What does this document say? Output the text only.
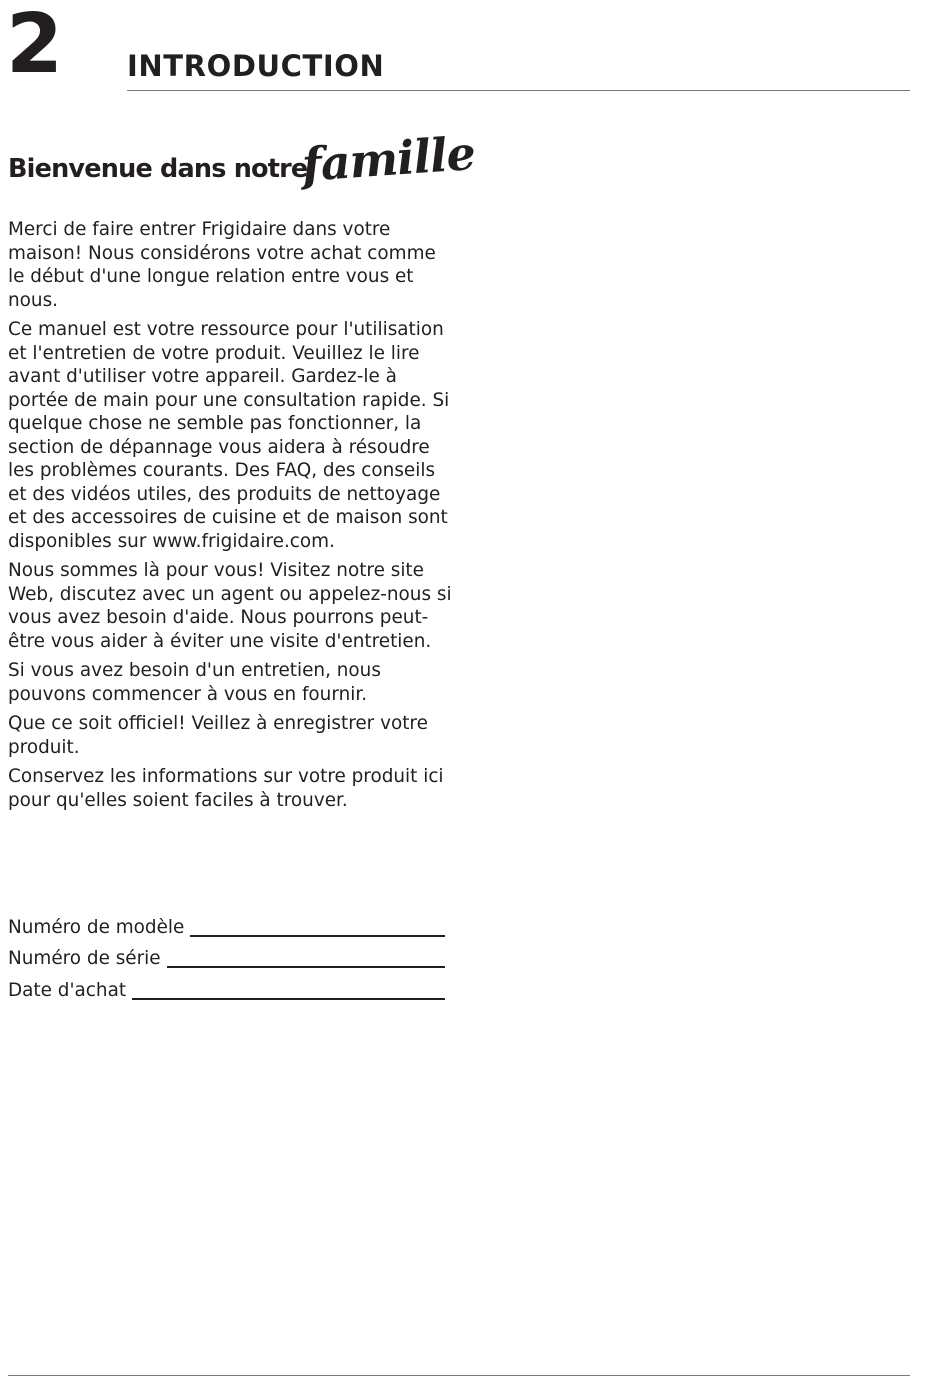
2 INTRODUCTION
Bienvenue dans notre
famille

Merci de faire entrer Frigidaire dans votre maison! Nous considérons votre achat comme le début d'une longue relation entre vous et nous.

Ce manuel est votre ressource pour l'utilisation et l'entretien de votre produit. Veuillez le lire avant d'utiliser votre appareil. Gardez-le à portée de main pour une consultation rapide. Si quelque chose ne semble pas fonctionner, la section de dépannage vous aidera à résoudre les problèmes courants. Des FAQ, des conseils et des vidéos utiles, des produits de nettoyage et des accessoires de cuisine et de maison sont disponibles sur www.frigidaire.com.

Nous sommes là pour vous! Visitez notre site Web, discutez avec un agent ou appelez-nous si vous avez besoin d'aide. Nous pourrons peut-être vous aider à éviter une visite d'entretien.

Si vous avez besoin d'un entretien, nous pouvons commencer à vous en fournir.

Que ce soit officiel! Veillez à enregistrer votre produit.

Conservez les informations sur votre produit ici pour qu'elles soient faciles à trouver.

Numéro de modèle
Numéro de série
Date d'achat
